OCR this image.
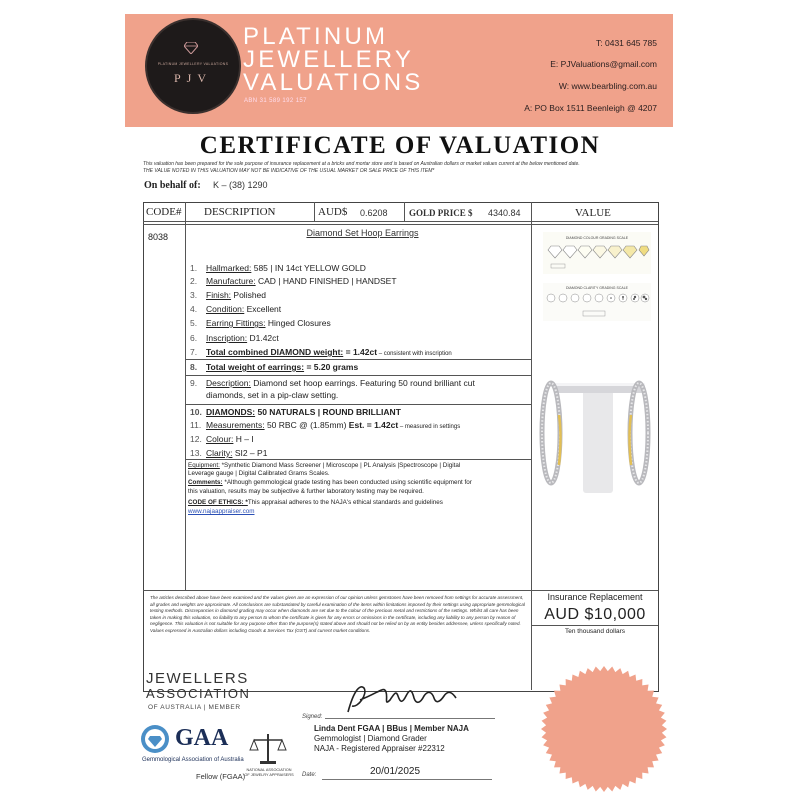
PLATINUM JEWELLERY VALUATIONS
PJV
PLATINUM
JEWELLERY
VALUATIONS
ABN 31 589 192 157
T: 0431 645 785
E: PJValuations@gmail.com
W: www.bearbling.com.au
A: PO Box 1511 Beenleigh @ 4207
CERTIFICATE OF VALUATION
This valuation has been prepared for the sole purpose of insurance replacement at a bricks and mortar store and is based on Australian dollars or market values current at the below mentioned date.
THE VALUE NOTED IN THIS VALUATION MAY NOT BE INDICATIVE OF THE USUAL MARKET OR SALE PRICE OF THIS ITEM*
On behalf of: K – (38) 1290
CODE# DESCRIPTION	AUD$ 0.6208 GOLD PRICE $ 4340.84	VALUE
8038	Diamond Set Hoop Earrings
1. Hallmarked: 585 | IN 14ct YELLOW GOLD
2. Manufacture: CAD | HAND FINISHED | HANDSET
3. Finish: Polished
4. Condition: Excellent
5. Earring Fittings: Hinged Closures
6. Inscription: D1.42ct
7. Total combined DIAMOND weight: = 1.42ct – consistent with inscription
8. Total weight of earrings: = 5.20 grams
9. Description: Diamond set hoop earrings. Featuring 50 round brilliant cut
diamonds, set in a pip-claw setting.
10. DIAMONDS: 50 NATURALS | ROUND BRILLIANT
11. Measurements: 50 RBC @ (1.85mm) Est. = 1.42ct – measured in settings
12. Colour: H – I
13. Clarity: SI2 – P1
Equipment: *Synthetic Diamond Mass Screener | Microscope | PL Analysis |Spectroscope | Digital
Leverage gauge | Digital Calibrated Grams Scales.
Comments: *Although gemmological grade testing has been conducted using scientific equipment for
this valuation, results may be subjective & further laboratory testing may be required.
CODE OF ETHICS: *This appraisal adheres to the NAJA's ethical standards and guidelines
www.najaappraiser.com
DIAMOND COLOUR GRADING SCALE
DIAMOND CLARITY GRADING SCALE
The articles described above have been examined and the values given are an expression of our opinion unless gemstones have been removed from settings for accurate assessment, all grades and weights are approximate. All conclusions are substantiated by careful examination of the items within limitations imposed by their settings using appropriate gemmological testing methods. Discrepancies in diamond grading may occur when diamonds are set due to the colour of the precious metal and restrictions of the settings. Whilst all care has been taken in making this valuation, no liability to any person to whom the certificate is given for any errors or omissions in the certificate, including any liability to any person by reason of negligence. This valuation is not suitable for any purpose other than the purpose(s) stated above and should not be relied on by an entity besides addressee, unless specifically noted. Values expressed in Australian dollars including Goods & Services Tax (GST) and current market conditions.
Insurance Replacement
AUD $10,000
Ten thousand dollars
JEWELLERS
ASSOCIATION
OF AUSTRALIA | MEMBER
GAA
Gemmological Association of Australia
Fellow (FGAA)
NATIONAL ASSOCIATION OF JEWELRY APPRAISERS
Signed:
Linda Dent FGAA | BBus | Member NAJA
Gemmologist | Diamond Grader
NAJA - Registered Appraiser #22312
Date:	20/01/2025
